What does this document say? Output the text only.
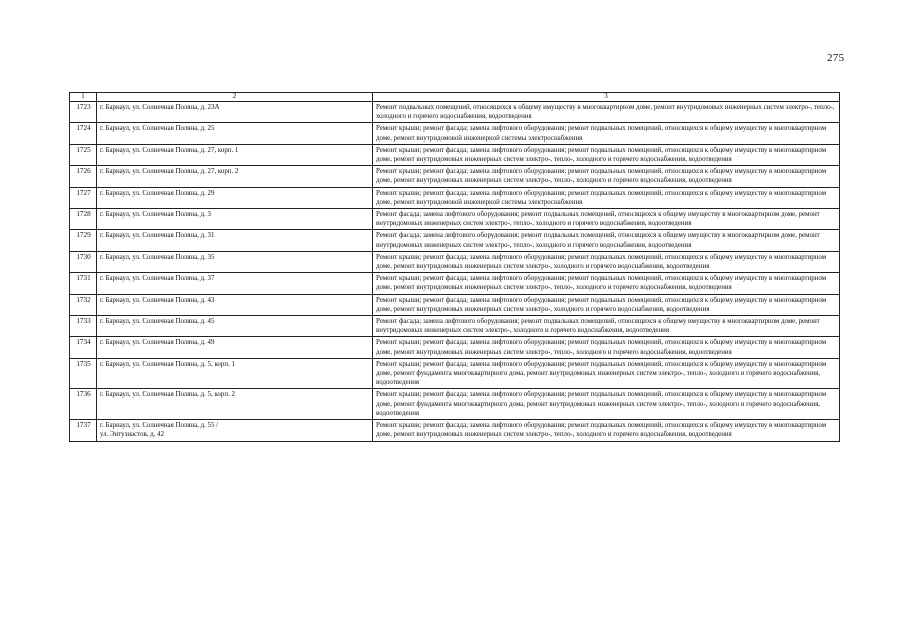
275
1	2	3
1723	г. Барнаул, ул. Солнечная Поляна, д. 23А	Ремонт подвальных помещений, относящихся к общему имуществу в многоквартирном доме, ремонт внутридомовых инженерных систем электро-, тепло-, холодного и горячего водоснабжения, водоотведения
1724	г. Барнаул, ул. Солнечная Поляна, д. 25	Ремонт крыши; ремонт фасада; замена лифтового оборудования; ремонт подвальных помещений, относящихся к общему имуществу в многоквартирном доме, ремонт внутридомовой инженерной системы электроснабжения
1725	г. Барнаул, ул. Солнечная Поляна, д. 27, корп. 1	Ремонт крыши; ремонт фасада; замена лифтового оборудования; ремонт подвальных помещений, относящихся к общему имуществу в многоквартирном доме, ремонт внутридомовых инженерных систем электро-, тепло-, холодного и горячего водоснабжения, водоотведения
1726	г. Барнаул, ул. Солнечная Поляна, д. 27, корп. 2	Ремонт крыши; ремонт фасада; замена лифтового оборудования; ремонт подвальных помещений, относящихся к общему имуществу в многоквартирном доме, ремонт внутридомовых инженерных систем электро-, тепло-, холодного и горячего водоснабжения, водоотведения
1727	г. Барнаул, ул. Солнечная Поляна, д. 29	Ремонт крыши; ремонт фасада; замена лифтового оборудования; ремонт подвальных помещений, относящихся к общему имуществу в многоквартирном доме, ремонт внутридомовой инженерной системы электроснабжения
1728	г. Барнаул, ул. Солнечная Поляна, д. 3	Ремонт фасада; замена лифтового оборудования; ремонт подвальных помещений, относящихся к общему имуществу в многоквартирном доме, ремонт внутридомовых инженерных систем электро-, тепло-, холодного и горячего водоснабжения, водоотведения
1729	г. Барнаул, ул. Солнечная Поляна, д. 31	Ремонт фасада; замена лифтового оборудования; ремонт подвальных помещений, относящихся к общему имуществу в многоквартирном доме, ремонт внутридомовых инженерных систем электро-, тепло-, холодного и горячего водоснабжения, водоотведения
1730	г. Барнаул, ул. Солнечная Поляна, д. 35	Ремонт крыши; ремонт фасада; замена лифтового оборудования; ремонт подвальных помещений, относящихся к общему имуществу в многоквартирном доме, ремонт внутридомовых инженерных систем электро-, холодного и горячего водоснабжения, водоотведения
1731	г. Барнаул, ул. Солнечная Поляна, д. 37	Ремонт крыши; ремонт фасада; замена лифтового оборудования; ремонт подвальных помещений, относящихся к общему имуществу в многоквартирном доме, ремонт внутридомовых инженерных систем электро-, тепло-, холодного и горячего водоснабжения, водоотведения
1732	г. Барнаул, ул. Солнечная Поляна, д. 43	Ремонт крыши; ремонт фасада; замена лифтового оборудования; ремонт подвальных помещений, относящихся к общему имуществу в многоквартирном доме, ремонт внутридомовых инженерных систем электро-, холодного и горячего водоснабжения, водоотведения
1733	г. Барнаул, ул. Солнечная Поляна, д. 45	Ремонт фасада; замена лифтового оборудования; ремонт подвальных помещений, относящихся к общему имуществу в многоквартирном доме, ремонт внутридомовых инженерных систем электро-, холодного и горячего водоснабжения, водоотведения
1734	г. Барнаул, ул. Солнечная Поляна, д. 49	Ремонт крыши; ремонт фасада; замена лифтового оборудования; ремонт подвальных помещений, относящихся к общему имуществу в многоквартирном доме, ремонт внутридомовых инженерных систем электро-, тепло-, холодного и горячего водоснабжения, водоотведения
1735	г. Барнаул, ул. Солнечная Поляна, д. 5, корп. 1	Ремонт крыши; ремонт фасада; замена лифтового оборудования; ремонт подвальных помещений, относящихся к общему имуществу в многоквартирном доме, ремонт фундамента многоквартирного дома, ремонт внутридомовых инженерных систем электро-, тепло-, холодного и горячего водоснабжения, водоотведения
1736	г. Барнаул, ул. Солнечная Поляна, д. 5, корп. 2	Ремонт крыши; ремонт фасада; замена лифтового оборудования; ремонт подвальных помещений, относящихся к общему имуществу в многоквартирном доме, ремонт фундамента многоквартирного дома, ремонт внутридомовых инженерных систем электро-, тепло-, холодного и горячего водоснабжения, водоотведения
1737	г. Барнаул, ул. Солнечная Поляна, д. 55 /
ул. Энтузиастов, д. 42	Ремонт крыши; ремонт фасада; замена лифтового оборудования; ремонт подвальных помещений, относящихся к общему имуществу в многоквартирном доме, ремонт внутридомовых инженерных систем электро-, тепло-, холодного и горячего водоснабжения, водоотведения
